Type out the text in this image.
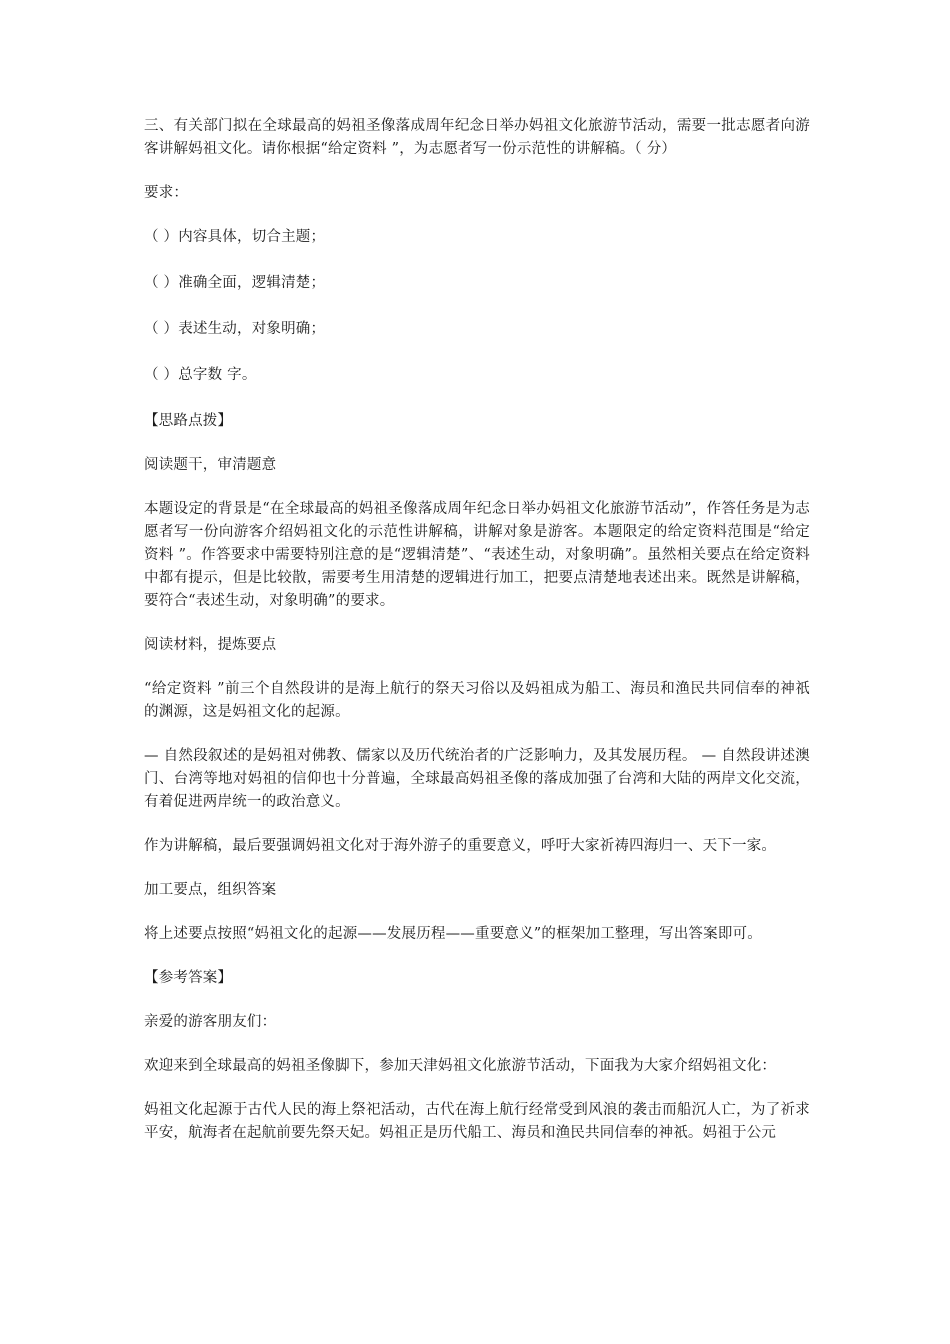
三、有关部门拟在全球最高的妈祖圣像落成周年纪念日举办妈祖文化旅游节活动，需要一批志愿者向游客讲解妈祖文化。请你根据“给定资料 ”，为志愿者写一份示范性的讲解稿。（ 分）

要求：

（ ）内容具体，切合主题；

（ ）准确全面，逻辑清楚；

（ ）表述生动，对象明确；

（ ）总字数 字。

【思路点拨】

阅读题干，审清题意

本题设定的背景是“在全球最高的妈祖圣像落成周年纪念日举办妈祖文化旅游节活动”，作答任务是为志愿者写一份向游客介绍妈祖文化的示范性讲解稿，讲解对象是游客。本题限定的给定资料范围是“给定资料 ”。作答要求中需要特别注意的是“逻辑清楚”、“表述生动，对象明确”。虽然相关要点在给定资料中都有提示，但是比较散，需要考生用清楚的逻辑进行加工，把要点清楚地表述出来。既然是讲解稿，要符合“表述生动，对象明确”的要求。

阅读材料，提炼要点

“给定资料 ”前三个自然段讲的是海上航行的祭天习俗以及妈祖成为船工、海员和渔民共同信奉的神祇的渊源，这是妈祖文化的起源。

— 自然段叙述的是妈祖对佛教、儒家以及历代统治者的广泛影响力，及其发展历程。 — 自然段讲述澳门、台湾等地对妈祖的信仰也十分普遍，全球最高妈祖圣像的落成加强了台湾和大陆的两岸文化交流，有着促进两岸统一的政治意义。

作为讲解稿，最后要强调妈祖文化对于海外游子的重要意义，呼吁大家祈祷四海归一、天下一家。

加工要点，组织答案

将上述要点按照“妈祖文化的起源——发展历程——重要意义”的框架加工整理，写出答案即可。

【参考答案】

亲爱的游客朋友们：

欢迎来到全球最高的妈祖圣像脚下，参加天津妈祖文化旅游节活动，下面我为大家介绍妈祖文化：

妈祖文化起源于古代人民的海上祭祀活动，古代在海上航行经常受到风浪的袭击而船沉人亡，为了祈求平安，航海者在起航前要先祭天妃。妈祖正是历代船工、海员和渔民共同信奉的神祇。妈祖于公元
